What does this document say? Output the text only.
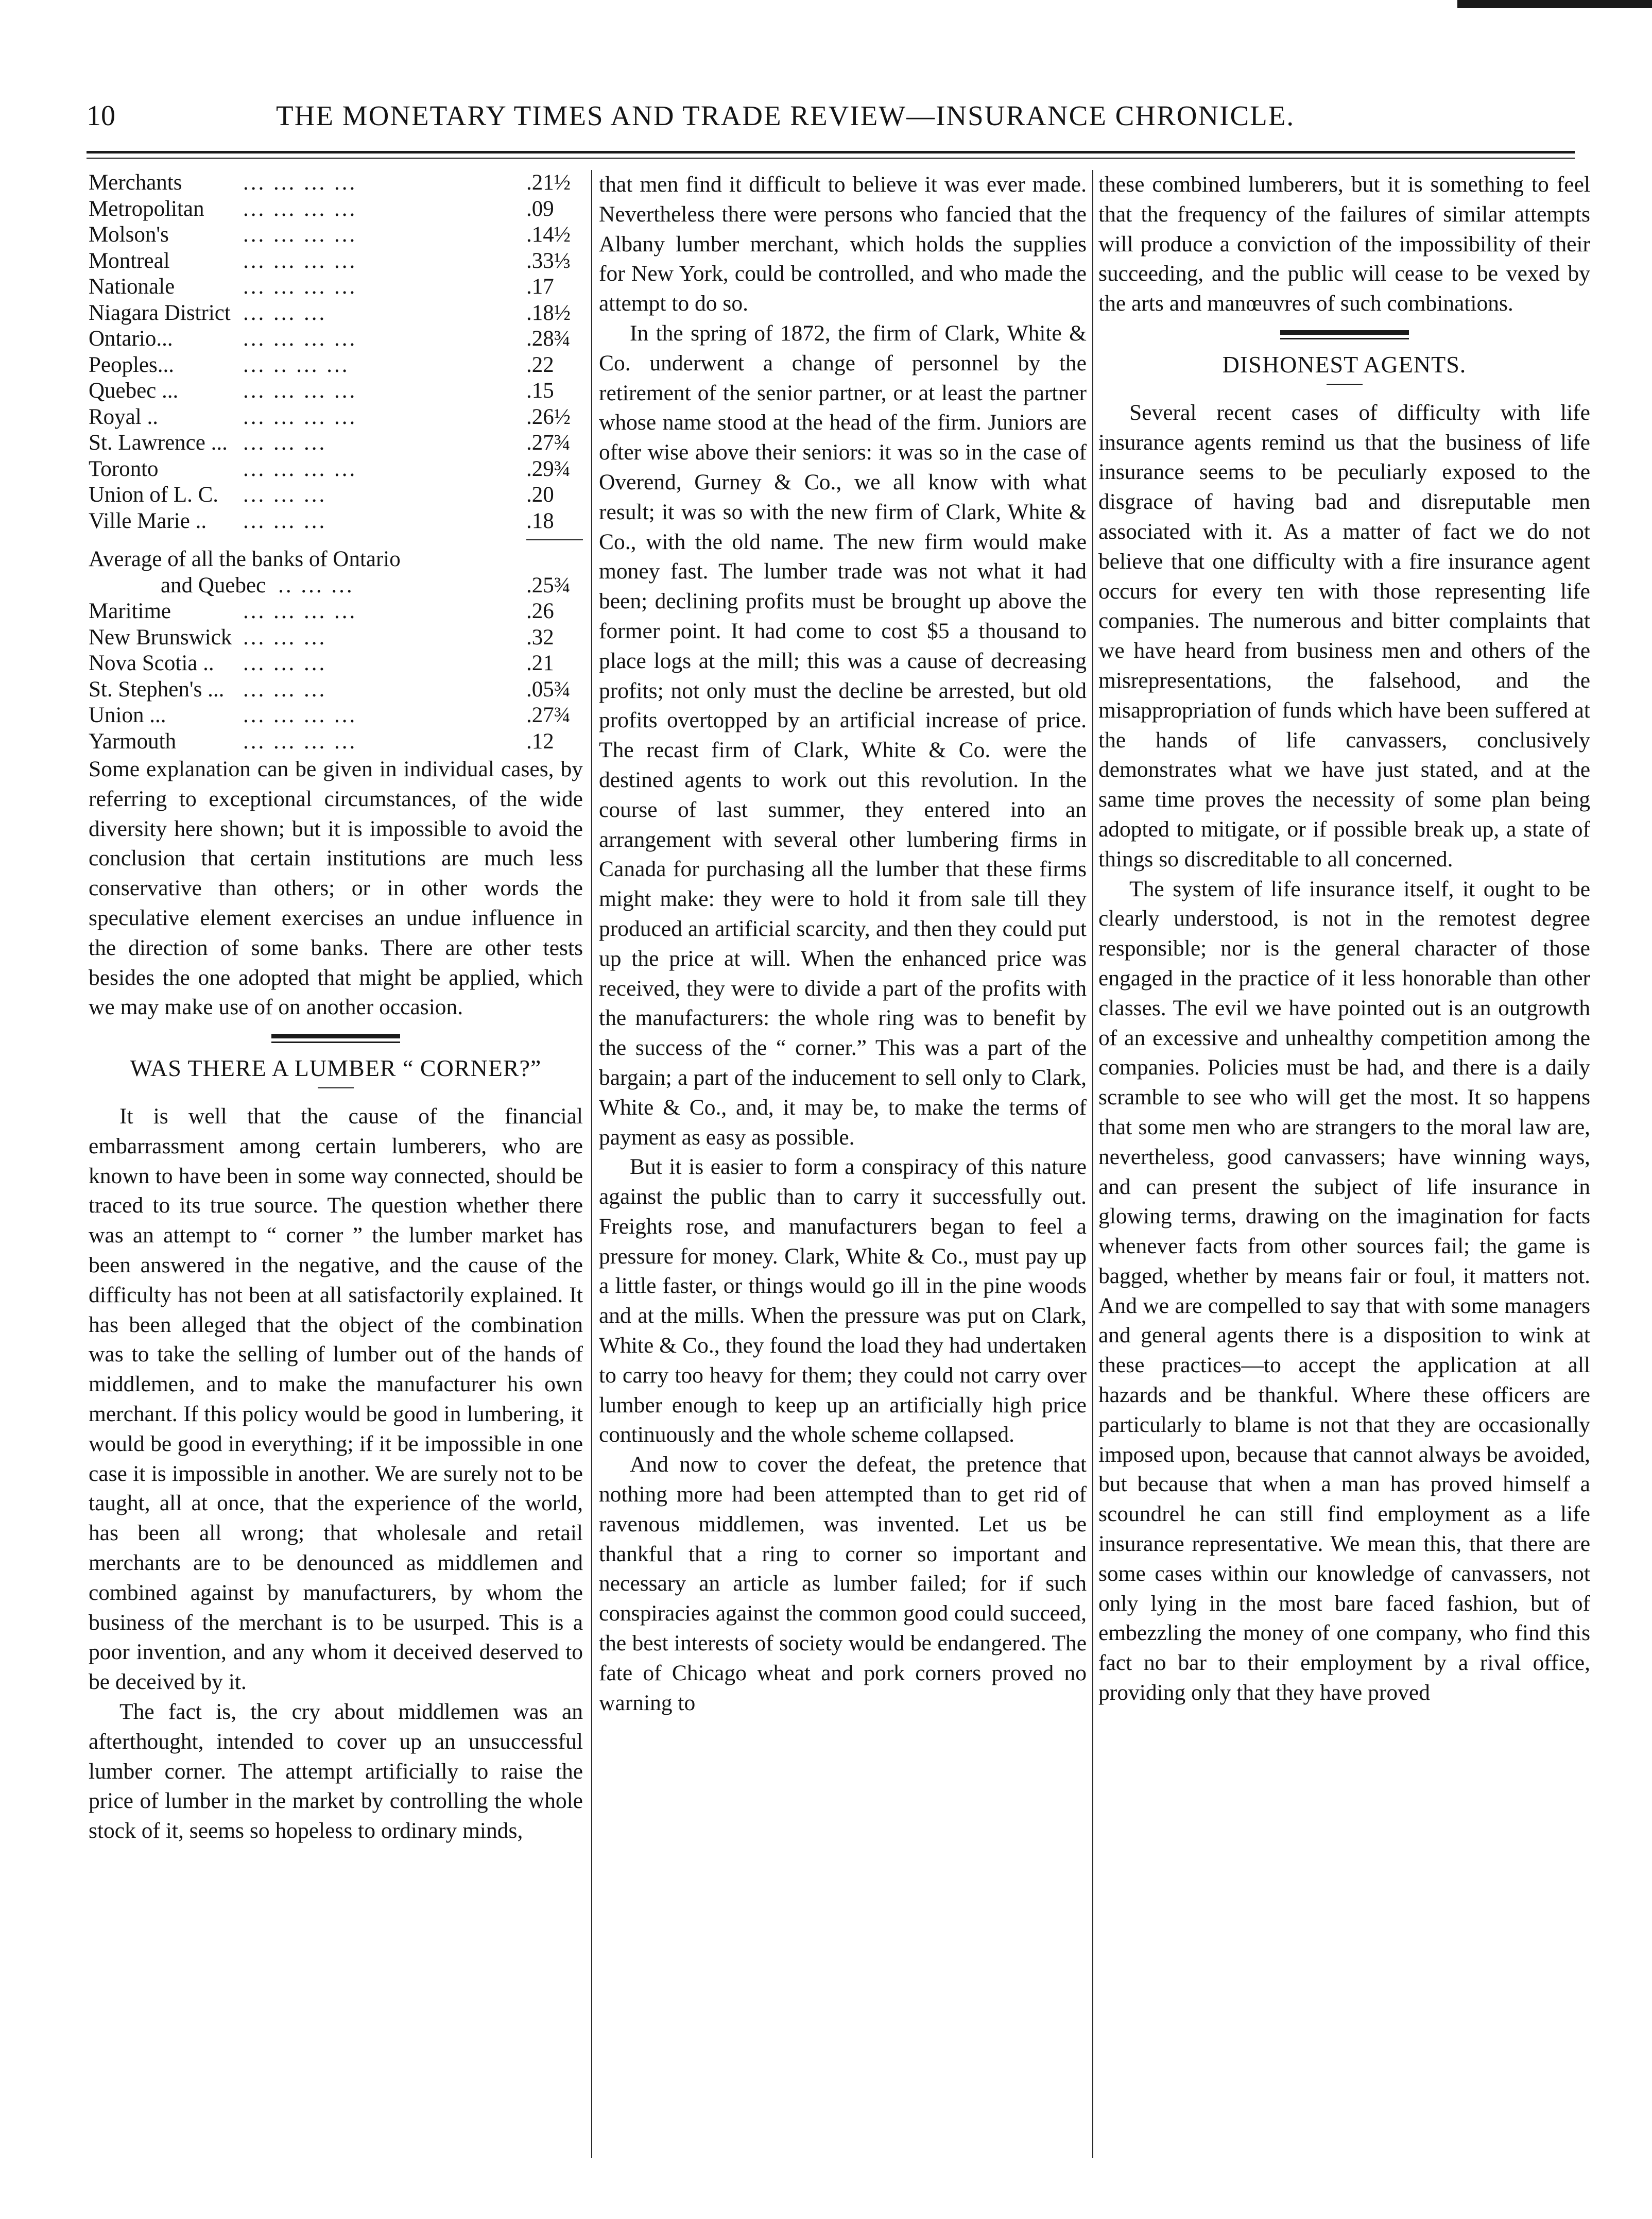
10	THE MONETARY TIMES AND TRADE REVIEW—INSURANCE CHRONICLE.
Merchants	... ... ... ...	.21½
Metropolitan	... ... ... ...	.09
Molson's	... ... ... ...	.14½
Montreal	... ... ... ...	.33⅓
Nationale	... ... ... ...	.17
Niagara District ... ... ...	.18½
Ontario...	... ... ... ...	.28¾
Peoples...	... .. ... ...	.22
Quebec ...	... ... ... ...	.15
Royal ..	... ... ... ...	.26½
St. Lawrence ... ... ... ...	.27¾
Toronto	... ... ... ...	.29¾
Union of L. C.	... ... ...	.20
Ville Marie ..	... ... ...	.18
Average of all the banks of Ontario
and Quebec .. ... ...	.25¾
Maritime	... ... ... ...	.26
New Brunswick ... ... ...	.32
Nova Scotia ..	... ... ...	.21
St. Stephen's ... ... ... ...	.05¾
Union ...	... ... ... ...	.27¾
Yarmouth	... ... ... ...	.12

Some explanation can be given in individual cases, by referring to exceptional circumstances, of the wide diversity here shown; but it is impossible to avoid the conclusion that certain institutions are much less conservative than others; or in other words the speculative element exercises an undue influence in the direction of some banks. There are other tests besides the one adopted that might be applied, which we may make use of on another occasion.

WAS THERE A LUMBER “ CORNER?”

It is well that the cause of the financial embarrassment among certain lumberers, who are known to have been in some way connected, should be traced to its true source. The question whether there was an attempt to “ corner ” the lumber market has been answered in the negative, and the cause of the difficulty has not been at all satisfactorily explained. It has been alleged that the object of the combination was to take the selling of lumber out of the hands of middlemen, and to make the manufacturer his own merchant. If this policy would be good in lumbering, it would be good in everything; if it be impossible in one case it is impossible in another. We are surely not to be taught, all at once, that the experience of the world, has been all wrong; that wholesale and retail merchants are to be denounced as middlemen and combined against by manufacturers, by whom the business of the merchant is to be usurped. This is a poor invention, and any whom it deceived deserved to be deceived by it.

The fact is, the cry about middlemen was an afterthought, intended to cover up an unsuccessful lumber corner. The attempt artificially to raise the price of lumber in the market by controlling the whole stock of it, seems so hopeless to ordinary minds,

that men find it difficult to believe it was ever made. Nevertheless there were persons who fancied that the Albany lumber merchant, which holds the supplies for New York, could be controlled, and who made the attempt to do so.

In the spring of 1872, the firm of Clark, White & Co. underwent a change of personnel by the retirement of the senior partner, or at least the partner whose name stood at the head of the firm. Juniors are ofter wise above their seniors: it was so in the case of Overend, Gurney & Co., we all know with what result; it was so with the new firm of Clark, White & Co., with the old name. The new firm would make money fast. The lumber trade was not what it had been; declining profits must be brought up above the former point. It had come to cost $5 a thousand to place logs at the mill; this was a cause of decreasing profits; not only must the decline be arrested, but old profits overtopped by an artificial increase of price. The recast firm of Clark, White & Co. were the destined agents to work out this revolution. In the course of last summer, they entered into an arrangement with several other lumbering firms in Canada for purchasing all the lumber that these firms might make: they were to hold it from sale till they produced an artificial scarcity, and then they could put up the price at will. When the enhanced price was received, they were to divide a part of the profits with the manufacturers: the whole ring was to benefit by the success of the “ corner.” This was a part of the bargain; a part of the inducement to sell only to Clark, White & Co., and, it may be, to make the terms of payment as easy as possible.

But it is easier to form a conspiracy of this nature against the public than to carry it successfully out. Freights rose, and manufacturers began to feel a pressure for money. Clark, White & Co., must pay up a little faster, or things would go ill in the pine woods and at the mills. When the pressure was put on Clark, White & Co., they found the load they had undertaken to carry too heavy for them; they could not carry over lumber enough to keep up an artificially high price continuously and the whole scheme collapsed.

And now to cover the defeat, the pretence that nothing more had been attempted than to get rid of ravenous middlemen, was invented. Let us be thankful that a ring to corner so important and necessary an article as lumber failed; for if such conspiracies against the common good could succeed, the best interests of society would be endangered. The fate of Chicago wheat and pork corners proved no warning to

these combined lumberers, but it is something to feel that the frequency of the failures of similar attempts will produce a conviction of the impossibility of their succeeding, and the public will cease to be vexed by the arts and manœuvres of such combinations.

DISHONEST AGENTS.

Several recent cases of difficulty with life insurance agents remind us that the business of life insurance seems to be peculiarly exposed to the disgrace of having bad and disreputable men associated with it. As a matter of fact we do not believe that one difficulty with a fire insurance agent occurs for every ten with those representing life companies. The numerous and bitter complaints that we have heard from business men and others of the misrepresentations, the falsehood, and the misappropriation of funds which have been suffered at the hands of life canvassers, conclusively demonstrates what we have just stated, and at the same time proves the necessity of some plan being adopted to mitigate, or if possible break up, a state of things so discreditable to all concerned.

The system of life insurance itself, it ought to be clearly understood, is not in the remotest degree responsible; nor is the general character of those engaged in the practice of it less honorable than other classes. The evil we have pointed out is an outgrowth of an excessive and unhealthy competition among the companies. Policies must be had, and there is a daily scramble to see who will get the most. It so happens that some men who are strangers to the moral law are, nevertheless, good canvassers; have winning ways, and can present the subject of life insurance in glowing terms, drawing on the imagination for facts whenever facts from other sources fail; the game is bagged, whether by means fair or foul, it matters not. And we are compelled to say that with some managers and general agents there is a disposition to wink at these practices—to accept the application at all hazards and be thankful. Where these officers are particularly to blame is not that they are occasionally imposed upon, because that cannot always be avoided, but because that when a man has proved himself a scoundrel he can still find employment as a life insurance representative. We mean this, that there are some cases within our knowledge of canvassers, not only lying in the most bare faced fashion, but of embezzling the money of one company, who find this fact no bar to their employment by a rival office, providing only that they have proved
